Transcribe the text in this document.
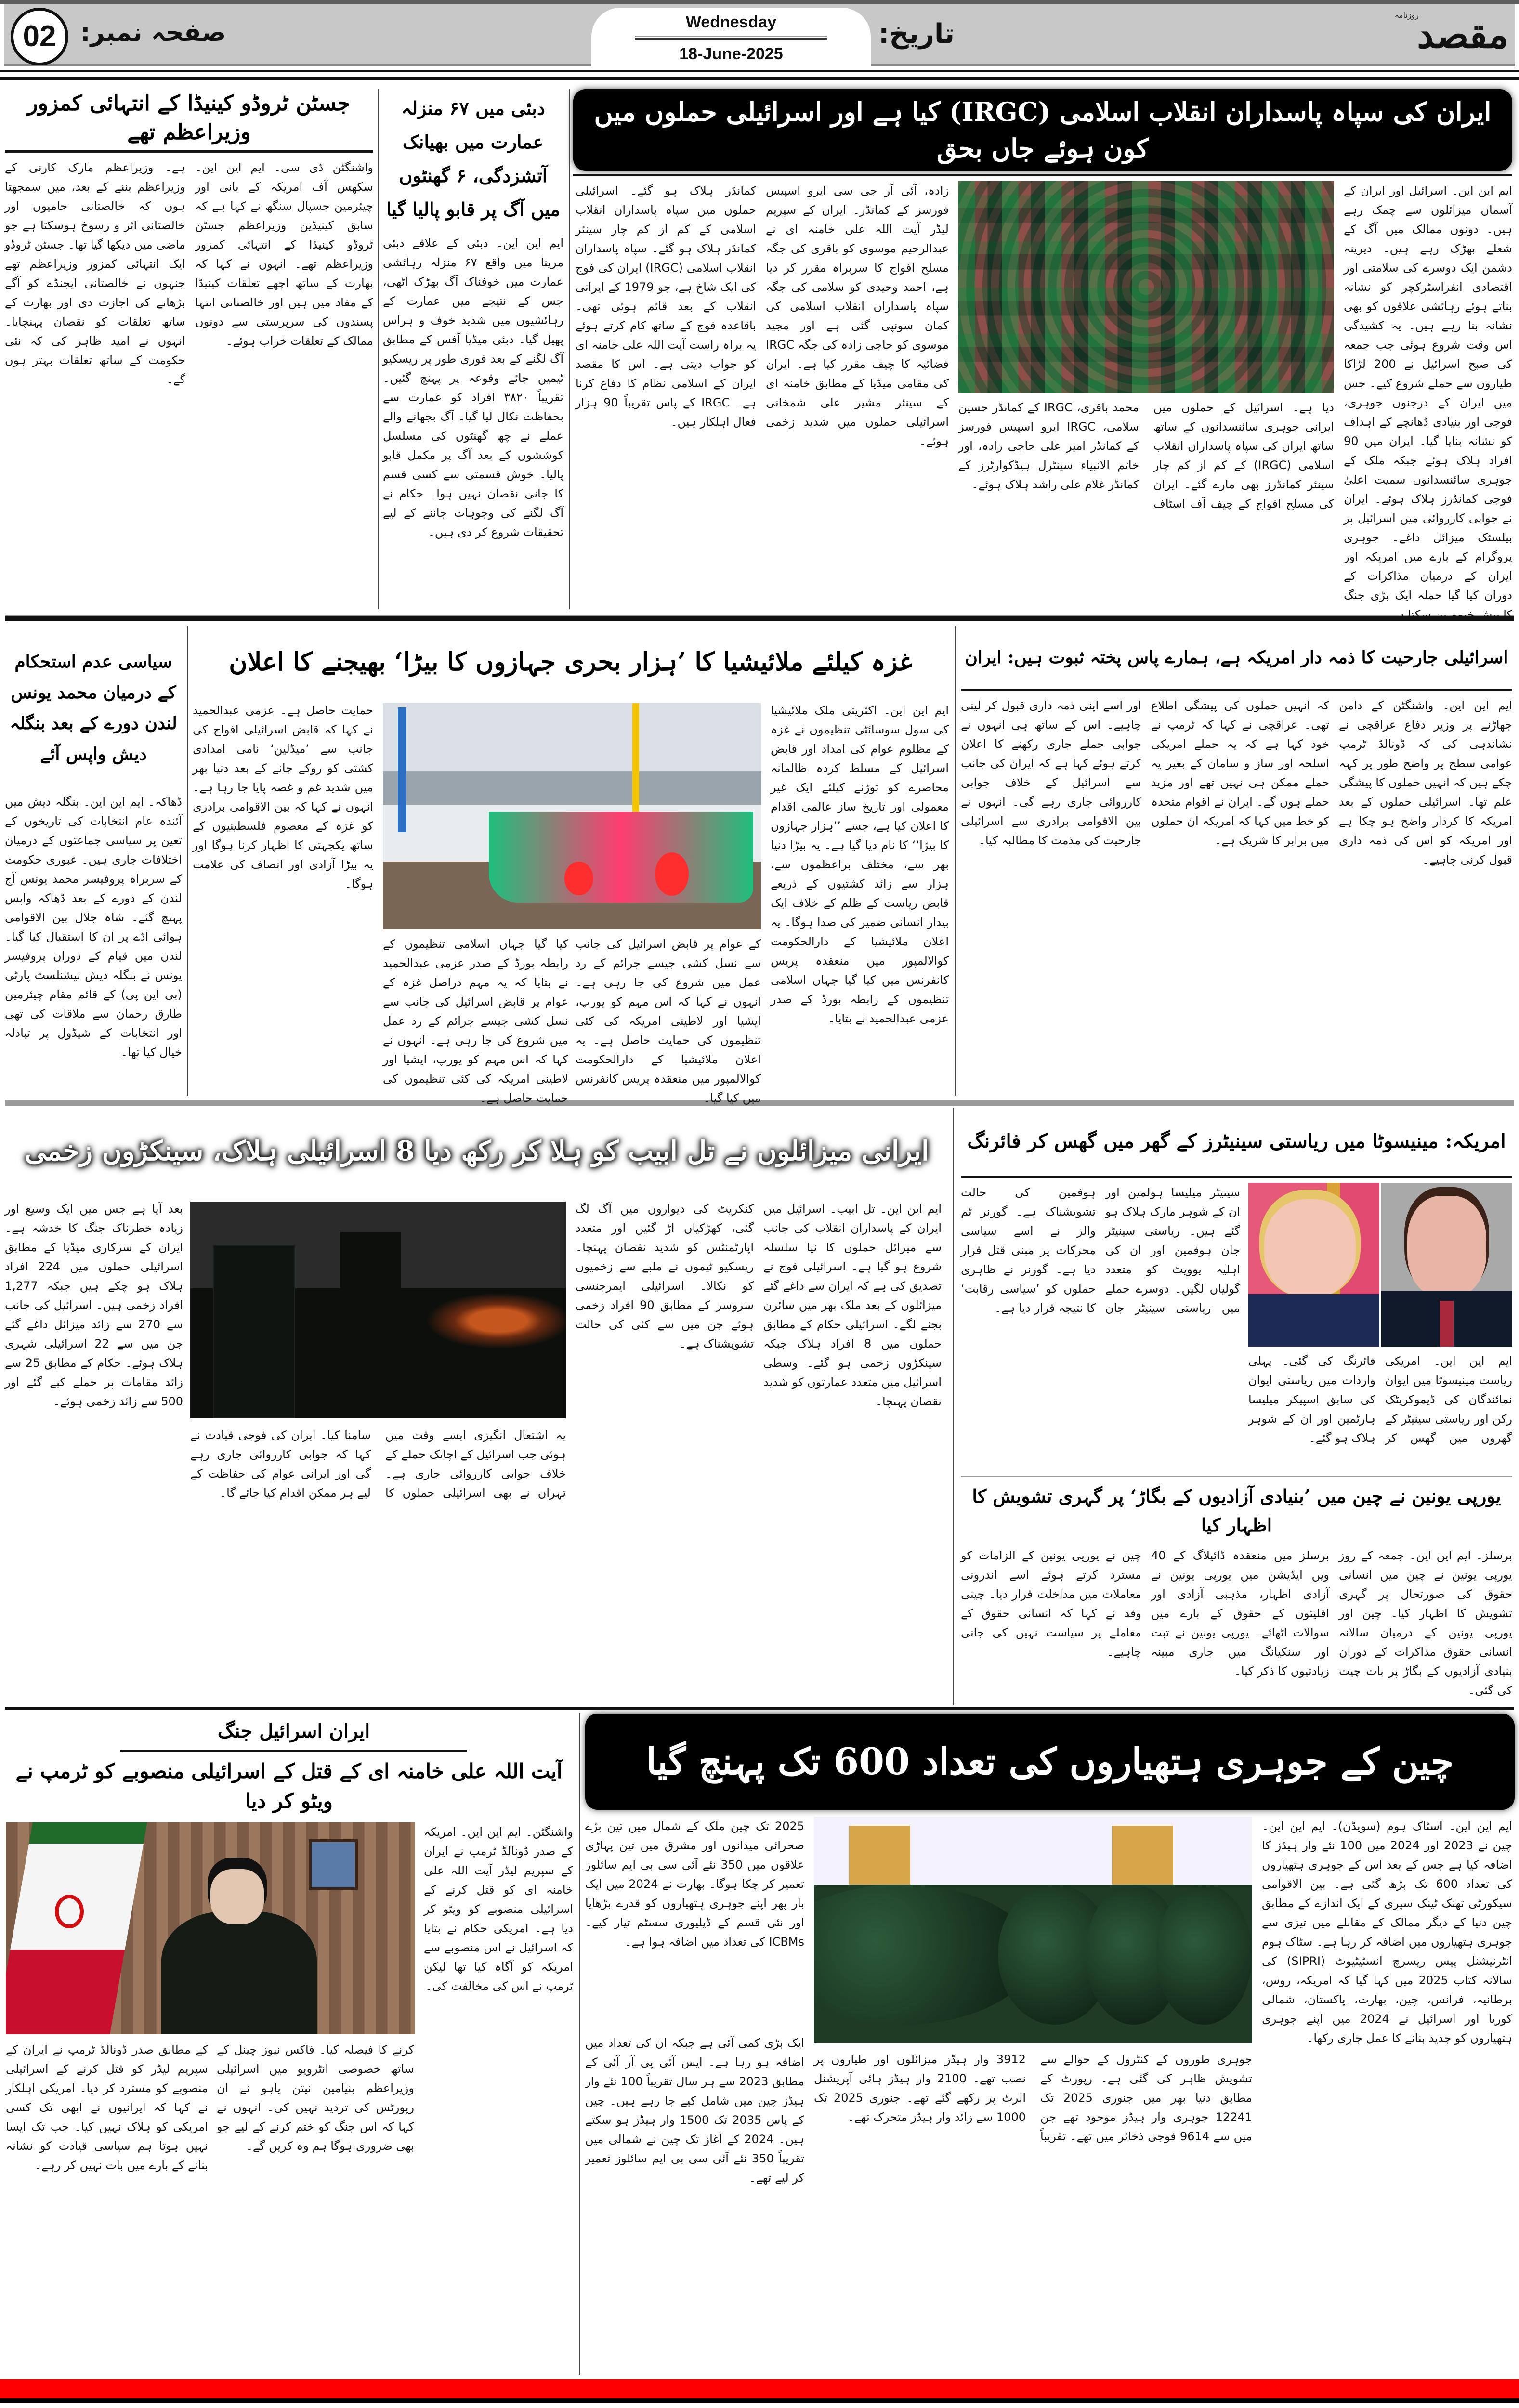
مقصد
روزنامہ
تاریخ:
Wednesday
18-June-2025
صفحہ نمبر:
02
ایران کی سپاہ پاسداران انقلاب اسلامی (IRGC) کیا ہے اور اسرائیلی حملوں میں کون ہوئے جاں بحق
ایم این این۔ اسرائیل اور ایران کے آسمان میزائلوں سے چمک رہے ہیں۔ دونوں ممالک میں آگ کے شعلے بھڑک رہے ہیں۔ دیرینہ دشمن ایک دوسرے کی سلامتی اور اقتصادی انفراسٹرکچر کو نشانہ بناتے ہوئے رہائشی علاقوں کو بھی نشانہ بنا رہے ہیں۔ یہ کشیدگی اس وقت شروع ہوئی جب جمعہ کی صبح اسرائیل نے 200 لڑاکا طیاروں سے حملے شروع کیے۔ جس میں ایران کے درجنوں جوہری، فوجی اور بنیادی ڈھانچے کے اہداف کو نشانہ بنایا گیا۔ ایران میں 90 افراد ہلاک ہوئے جبکہ ملک کے جوہری سائنسدانوں سمیت اعلیٰ فوجی کمانڈرز ہلاک ہوئے۔ ایران نے جوابی کارروائی میں اسرائیل پر بیلسٹک میزائل داغے۔ جوہری پروگرام کے بارے میں امریکہ اور ایران کے درمیان مذاکرات کے دوران کیا گیا حملہ ایک بڑی جنگ کا پیش خیمہ بن سکتا ہے۔
دیا ہے۔ اسرائیل کے حملوں میں ایرانی جوہری سائنسدانوں کے ساتھ ساتھ ایران کی سپاہ پاسداران انقلاب اسلامی (IRGC) کے کم از کم چار سینئر کمانڈرز بھی مارے گئے۔ ایران کی مسلح افواج کے چیف آف اسٹاف محمد باقری، IRGC کے کمانڈر حسین سلامی، IRGC ایرو اسپیس فورسز کے کمانڈر امیر علی حاجی زادہ، اور خاتم الانبیاء سینٹرل ہیڈکوارٹرز کے کمانڈر غلام علی راشد ہلاک ہوئے۔
زادہ، آئی آر جی سی ایرو اسپیس فورسز کے کمانڈر۔ ایران کے سپریم لیڈر آیت اللہ علی خامنہ ای نے عبدالرحیم موسوی کو باقری کی جگہ مسلح افواج کا سربراہ مقرر کر دیا ہے، احمد وحیدی کو سلامی کی جگہ سپاہ پاسداران انقلاب اسلامی کی کمان سونپی گئی ہے اور مجید موسوی کو حاجی زادہ کی جگہ IRGC فضائیہ کا چیف مقرر کیا ہے۔ ایران کی مقامی میڈیا کے مطابق خامنہ ای کے سینئر مشیر علی شمخانی اسرائیلی حملوں میں شدید زخمی ہوئے۔
کمانڈر ہلاک ہو گئے۔ اسرائیلی حملوں میں سپاہ پاسداران انقلاب اسلامی کے کم از کم چار سینئر کمانڈر ہلاک ہو گئے۔ سپاہ پاسداران انقلاب اسلامی (IRGC) ایران کی فوج کی ایک شاخ ہے، جو 1979 کے ایرانی انقلاب کے بعد قائم ہوئی تھی۔ باقاعدہ فوج کے ساتھ کام کرتے ہوئے یہ براہ راست آیت اللہ علی خامنہ ای کو جواب دیتی ہے۔ اس کا مقصد ایران کے اسلامی نظام کا دفاع کرنا ہے۔ IRGC کے پاس تقریباً 90 ہزار فعال اہلکار ہیں۔
دبئی میں ۶۷ منزلہ عمارت میں بھیانک آتشزدگی، ۶ گھنٹوں میں آگ پر قابو پالیا گیا
ایم این این۔ دبئی کے علاقے دبئی مرینا میں واقع ۶۷ منزلہ رہائشی عمارت میں خوفناک آگ بھڑک اٹھی، جس کے نتیجے میں عمارت کے رہائشیوں میں شدید خوف و ہراس پھیل گیا۔ دبئی میڈیا آفس کے مطابق آگ لگنے کے بعد فوری طور پر ریسکیو ٹیمیں جائے وقوعہ پر پہنچ گئیں۔ تقریباً ۳۸۲۰ افراد کو عمارت سے بحفاظت نکال لیا گیا۔ آگ بجھانے والے عملے نے چھ گھنٹوں کی مسلسل کوششوں کے بعد آگ پر مکمل قابو پالیا۔ خوش قسمتی سے کسی قسم کا جانی نقصان نہیں ہوا۔ حکام نے آگ لگنے کی وجوہات جاننے کے لیے تحقیقات شروع کر دی ہیں۔
جسٹن ٹروڈو کینیڈا کے انتہائی کمزور وزیراعظم تھے
واشنگٹن ڈی سی۔ ایم این این۔ سکھس آف امریکہ کے بانی اور چیئرمین جسپال سنگھ نے کہا ہے کہ سابق کینیڈین وزیراعظم جسٹن ٹروڈو کینیڈا کے انتہائی کمزور وزیراعظم تھے۔ انہوں نے کہا کہ بھارت کے ساتھ اچھے تعلقات کینیڈا کے مفاد میں ہیں اور خالصتانی انتہا پسندوں کی سرپرستی سے دونوں ممالک کے تعلقات خراب ہوئے۔
ہے۔ وزیراعظم مارک کارنی کے وزیراعظم بننے کے بعد، میں سمجھتا ہوں کہ خالصتانی حامیوں اور خالصتانی اثر و رسوخ ہوسکتا ہے جو ماضی میں دیکھا گیا تھا۔ جسٹن ٹروڈو ایک انتہائی کمزور وزیراعظم تھے جنہوں نے خالصتانی ایجنڈے کو آگے بڑھانے کی اجازت دی اور بھارت کے ساتھ تعلقات کو نقصان پہنچایا۔ انہوں نے امید ظاہر کی کہ نئی حکومت کے ساتھ تعلقات بہتر ہوں گے۔
اسرائیلی جارحیت کا ذمہ دار امریکہ ہے، ہمارے پاس پختہ ثبوت ہیں: ایران
ایم این این۔ واشنگٹن کے دامن جھاڑنے پر وزیر دفاع عراقچی نے نشاندہی کی کہ ڈونالڈ ٹرمپ عوامی سطح پر واضح طور پر کہہ چکے ہیں کہ انہیں حملوں کا پیشگی علم تھا۔ اسرائیلی حملوں کے بعد امریکہ کا کردار واضح ہو چکا ہے اور امریکہ کو اس کی ذمہ داری قبول کرنی چاہیے۔
کہ انہیں حملوں کی پیشگی اطلاع تھی۔ عراقچی نے کہا کہ ٹرمپ نے خود کہا ہے کہ یہ حملے امریکی اسلحہ اور ساز و سامان کے بغیر یہ حملے ممکن ہی نہیں تھے اور مزید حملے ہوں گے۔ ایران نے اقوام متحدہ کو خط میں کہا کہ امریکہ ان حملوں میں برابر کا شریک ہے۔
اور اسے اپنی ذمہ داری قبول کر لینی چاہیے۔ اس کے ساتھ ہی انہوں نے جوابی حملے جاری رکھنے کا اعلان کرتے ہوئے کہا ہے کہ ایران کی جانب سے اسرائیل کے خلاف جوابی کارروائی جاری رہے گی۔ انہوں نے بین الاقوامی برادری سے اسرائیلی جارحیت کی مذمت کا مطالبہ کیا۔
غزہ کیلئے ملائیشیا کا ’ہزار بحری جہازوں کا بیڑا‘ بھیجنے کا اعلان
ایم این این۔ اکثریتی ملک ملائیشیا کی سول سوسائٹی تنظیموں نے غزہ کے مظلوم عوام کی امداد اور قابض اسرائیل کے مسلط کردہ ظالمانہ محاصرے کو توڑنے کیلئے ایک غیر معمولی اور تاریخ ساز عالمی اقدام کا اعلان کیا ہے، جسے ’’ہزار جہازوں کا بیڑا‘‘ کا نام دیا گیا ہے۔ یہ بیڑا دنیا بھر سے، مختلف براعظموں سے، ہزار سے زائد کشتیوں کے ذریعے قابض ریاست کے ظلم کے خلاف ایک بیدار انسانی ضمیر کی صدا ہوگا۔ یہ اعلان ملائیشیا کے دارالحکومت کوالالمپور میں منعقدہ پریس کانفرنس میں کیا گیا جہاں اسلامی تنظیموں کے رابطہ بورڈ کے صدر عزمی عبدالحمید نے بتایا۔
کے عوام پر قابض اسرائیل کی جانب سے نسل کشی جیسے جرائم کے رد عمل میں شروع کی جا رہی ہے۔ انہوں نے کہا کہ اس مہم کو یورپ، ایشیا اور لاطینی امریکہ کی کئی تنظیموں کی حمایت حاصل ہے۔ یہ اعلان ملائیشیا کے دارالحکومت کوالالمپور میں منعقدہ پریس کانفرنس میں کیا گیا۔
کیا گیا جہاں اسلامی تنظیموں کے رابطہ بورڈ کے صدر عزمی عبدالحمید نے بتایا کہ یہ مہم دراصل غزہ کے عوام پر قابض اسرائیل کی جانب سے نسل کشی جیسے جرائم کے رد عمل میں شروع کی جا رہی ہے۔ انہوں نے کہا کہ اس مہم کو یورپ، ایشیا اور لاطینی امریکہ کی کئی تنظیموں کی حمایت حاصل ہے۔
حمایت حاصل ہے۔ عزمی عبدالحمید نے کہا کہ قابض اسرائیلی افواج کی جانب سے ’میڈلین‘ نامی امدادی کشتی کو روکے جانے کے بعد دنیا بھر میں شدید غم و غصہ پایا جا رہا ہے۔ انہوں نے کہا کہ بین الاقوامی برادری کو غزہ کے معصوم فلسطینیوں کے ساتھ یکجہتی کا اظہار کرنا ہوگا اور یہ بیڑا آزادی اور انصاف کی علامت ہوگا۔
سیاسی عدم استحکام کے درمیان محمد یونس لندن دورے کے بعد بنگلہ دیش واپس آئے
ڈھاکہ۔ ایم این این۔ بنگلہ دیش میں آئندہ عام انتخابات کی تاریخوں کے تعین پر سیاسی جماعتوں کے درمیان اختلافات جاری ہیں۔ عبوری حکومت کے سربراہ پروفیسر محمد یونس آج لندن کے دورے کے بعد ڈھاکہ واپس پہنچ گئے۔ شاہ جلال بین الاقوامی ہوائی اڈے پر ان کا استقبال کیا گیا۔ لندن میں قیام کے دوران پروفیسر یونس نے بنگلہ دیش نیشنلسٹ پارٹی (بی این پی) کے قائم مقام چیئرمین طارق رحمان سے ملاقات کی تھی اور انتخابات کے شیڈول پر تبادلہ خیال کیا تھا۔
ایرانی میزائلوں نے تل ابیب کو ہلا کر رکھ دیا 8 اسرائیلی ہلاک، سینکڑوں زخمی
ایم این این۔ تل ابیب۔ اسرائیل میں ایران کے پاسداران انقلاب کی جانب سے میزائل حملوں کا نیا سلسلہ شروع ہو گیا ہے۔ اسرائیلی فوج نے تصدیق کی ہے کہ ایران سے داغے گئے میزائلوں کے بعد ملک بھر میں سائرن بجنے لگے۔ اسرائیلی حکام کے مطابق حملوں میں 8 افراد ہلاک جبکہ سینکڑوں زخمی ہو گئے۔ وسطی اسرائیل میں متعدد عمارتوں کو شدید نقصان پہنچا۔
کنکریٹ کی دیواروں میں آگ لگ گئی، کھڑکیاں اڑ گئیں اور متعدد اپارٹمنٹس کو شدید نقصان پہنچا۔ ریسکیو ٹیموں نے ملبے سے زخمیوں کو نکالا۔ اسرائیلی ایمرجنسی سروسز کے مطابق 90 افراد زخمی ہوئے جن میں سے کئی کی حالت تشویشناک ہے۔
یہ اشتعال انگیزی ایسے وقت میں ہوئی جب اسرائیل کے اچانک حملے کے خلاف جوابی کارروائی جاری ہے۔ تہران نے بھی اسرائیلی حملوں کا سامنا کیا۔ ایران کی فوجی قیادت نے کہا کہ جوابی کارروائی جاری رہے گی اور ایرانی عوام کی حفاظت کے لیے ہر ممکن اقدام کیا جائے گا۔
بعد آیا ہے جس میں ایک وسیع اور زیادہ خطرناک جنگ کا خدشہ ہے۔ ایران کے سرکاری میڈیا کے مطابق اسرائیلی حملوں میں 224 افراد ہلاک ہو چکے ہیں جبکہ 1,277 افراد زخمی ہیں۔ اسرائیل کی جانب سے 270 سے زائد میزائل داغے گئے جن میں سے 22 اسرائیلی شہری ہلاک ہوئے۔ حکام کے مطابق 25 سے زائد مقامات پر حملے کیے گئے اور 500 سے زائد زخمی ہوئے۔
امریکہ: مینیسوٹا میں ریاستی سینیٹرز کے گھر میں گھس کر فائرنگ
ایم این این۔ امریکی ریاست مینیسوٹا میں ایوان نمائندگان کی ڈیموکریٹک رکن اور ریاستی سینیٹر کے گھروں میں گھس کر فائرنگ کی گئی۔ پہلی واردات میں ریاستی ایوان کی سابق اسپیکر میلیسا ہارٹمین اور ان کے شوہر ہلاک ہو گئے۔
سینیٹر میلیسا ہولمین اور ان کے شوہر مارک ہلاک ہو گئے ہیں۔ ریاستی سینیٹر جان ہوفمین اور ان کی اہلیہ یوویٹ کو متعدد گولیاں لگیں۔ دوسرے حملے میں ریاستی سینیٹر جان ہوفمین کی حالت تشویشناک ہے۔ گورنر ٹم والز نے اسے سیاسی محرکات پر مبنی قتل قرار دیا ہے۔ گورنر نے ظاہری حملوں کو ’سیاسی رقابت‘ کا نتیجہ قرار دیا ہے۔
یورپی یونین نے چین میں ’بنیادی آزادیوں کے بگاڑ‘ پر گہری تشویش کا اظہار کیا
برسلز۔ ایم این این۔ جمعہ کے روز یورپی یونین نے چین میں انسانی حقوق کی صورتحال پر گہری تشویش کا اظہار کیا۔ چین اور یورپی یونین کے درمیان سالانہ انسانی حقوق مذاکرات کے دوران بنیادی آزادیوں کے بگاڑ پر بات چیت کی گئی۔
برسلز میں منعقدہ ڈائیلاگ کے 40 ویں ایڈیشن میں یورپی یونین نے آزادی اظہار، مذہبی آزادی اور اقلیتوں کے حقوق کے بارے میں سوالات اٹھائے۔ یورپی یونین نے تبت اور سنکیانگ میں جاری مبینہ زیادتیوں کا ذکر کیا۔
چین نے یورپی یونین کے الزامات کو مسترد کرتے ہوئے اسے اندرونی معاملات میں مداخلت قرار دیا۔ چینی وفد نے کہا کہ انسانی حقوق کے معاملے پر سیاست نہیں کی جانی چاہیے۔
ایران اسرائیل جنگ
آیت اللہ علی خامنہ ای کے قتل کے اسرائیلی منصوبے کو ٹرمپ نے ویٹو کر دیا
واشنگٹن۔ ایم این این۔ امریکہ کے صدر ڈونالڈ ٹرمپ نے ایران کے سپریم لیڈر آیت اللہ علی خامنہ ای کو قتل کرنے کے اسرائیلی منصوبے کو ویٹو کر دیا ہے۔ امریکی حکام نے بتایا کہ اسرائیل نے اس منصوبے سے امریکہ کو آگاہ کیا تھا لیکن ٹرمپ نے اس کی مخالفت کی۔
کرنے کا فیصلہ کیا۔ فاکس نیوز چینل کے ساتھ خصوصی انٹرویو میں اسرائیلی وزیراعظم بنیامین نیتن یاہو نے ان رپورٹس کی تردید نہیں کی۔ انہوں نے کہا کہ اس جنگ کو ختم کرنے کے لیے جو بھی ضروری ہوگا ہم وہ کریں گے۔
کے مطابق صدر ڈونالڈ ٹرمپ نے ایران کے سپریم لیڈر کو قتل کرنے کے اسرائیلی منصوبے کو مسترد کر دیا۔ امریکی اہلکار نے کہا کہ ایرانیوں نے ابھی تک کسی امریکی کو ہلاک نہیں کیا۔ جب تک ایسا نہیں ہوتا ہم سیاسی قیادت کو نشانہ بنانے کے بارے میں بات نہیں کر رہے۔
چین کے جوہری ہتھیاروں کی تعداد 600 تک پہنچ گیا
ایم این این۔ اسٹاک ہوم (سویڈن)۔ ایم این این۔ چین نے 2023 اور 2024 میں 100 نئے وار ہیڈز کا اضافہ کیا ہے جس کے بعد اس کے جوہری ہتھیاروں کی تعداد 600 تک بڑھ گئی ہے۔ بین الاقوامی سیکورٹی تھنک ٹینک سپری کے ایک اندازے کے مطابق چین دنیا کے دیگر ممالک کے مقابلے میں تیزی سے جوہری ہتھیاروں میں اضافہ کر رہا ہے۔ سٹاک ہوم انٹرنیشنل پیس ریسرچ انسٹیٹیوٹ (SIPRI) کی سالانہ کتاب 2025 میں کہا گیا کہ امریکہ، روس، برطانیہ، فرانس، چین، بھارت، پاکستان، شمالی کوریا اور اسرائیل نے 2024 میں اپنے جوہری ہتھیاروں کو جدید بنانے کا عمل جاری رکھا۔
جوہری طوروں کے کنٹرول کے حوالے سے تشویش ظاہر کی گئی ہے۔ رپورٹ کے مطابق دنیا بھر میں جنوری 2025 تک 12241 جوہری وار ہیڈز موجود تھے جن میں سے 9614 فوجی ذخائر میں تھے۔ تقریباً 3912 وار ہیڈز میزائلوں اور طیاروں پر نصب تھے۔ 2100 وار ہیڈز ہائی آپریشنل الرٹ پر رکھے گئے تھے۔ جنوری 2025 تک 1000 سے زائد وار ہیڈز متحرک تھے۔
2025 تک چین ملک کے شمال میں تین بڑے صحرائی میدانوں اور مشرق میں تین پہاڑی علاقوں میں 350 نئے آئی سی بی ایم سائلوز تعمیر کر چکا ہوگا۔ بھارت نے 2024 میں ایک بار پھر اپنے جوہری ہتھیاروں کو قدرے بڑھایا اور نئی قسم کے ڈیلیوری سسٹم تیار کیے۔ ICBMs کی تعداد میں اضافہ ہوا ہے۔
ایک بڑی کمی آئی ہے جبکہ ان کی تعداد میں اضافہ ہو رہا ہے۔ ایس آئی پی آر آئی کے مطابق 2023 سے ہر سال تقریباً 100 نئے وار ہیڈز چین میں شامل کیے جا رہے ہیں۔ چین کے پاس 2035 تک 1500 وار ہیڈز ہو سکتے ہیں۔ 2024 کے آغاز تک چین نے شمالی میں تقریباً 350 نئے آئی سی بی ایم سائلوز تعمیر کر لیے تھے۔
